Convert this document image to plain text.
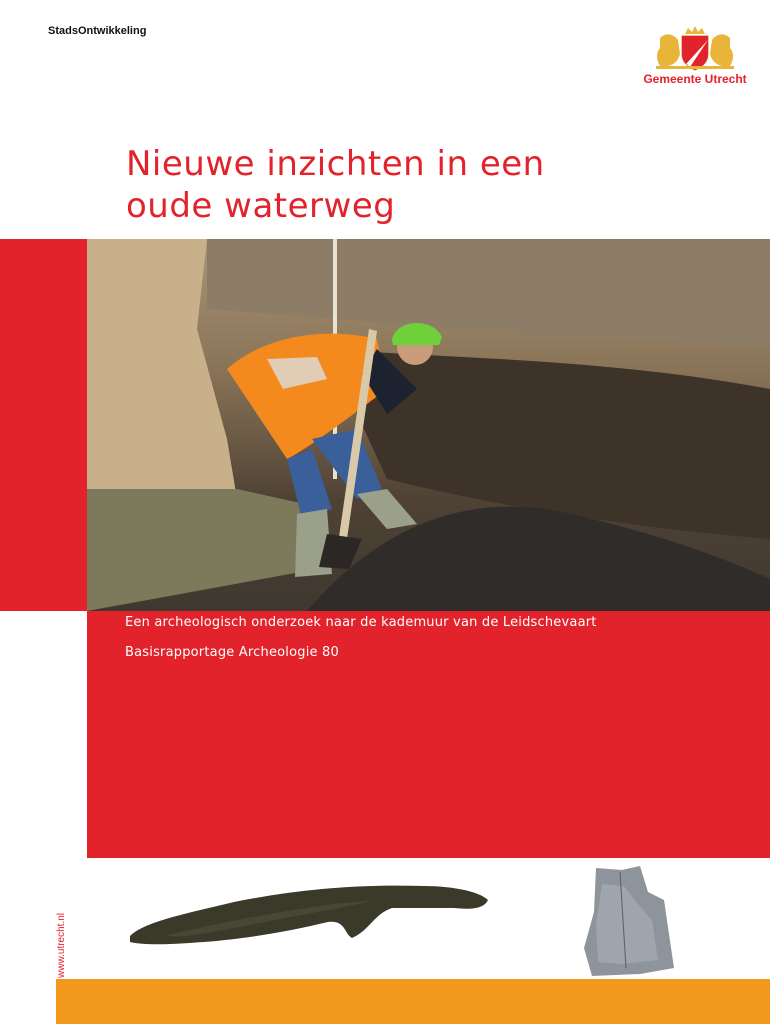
StadsOntwikkeling
Gemeente Utrecht
Nieuwe inzichten in een
oude waterweg
Een archeologisch onderzoek naar de kademuur van de Leidschevaart
Basisrapportage Archeologie 80
www.utrecht.nl
